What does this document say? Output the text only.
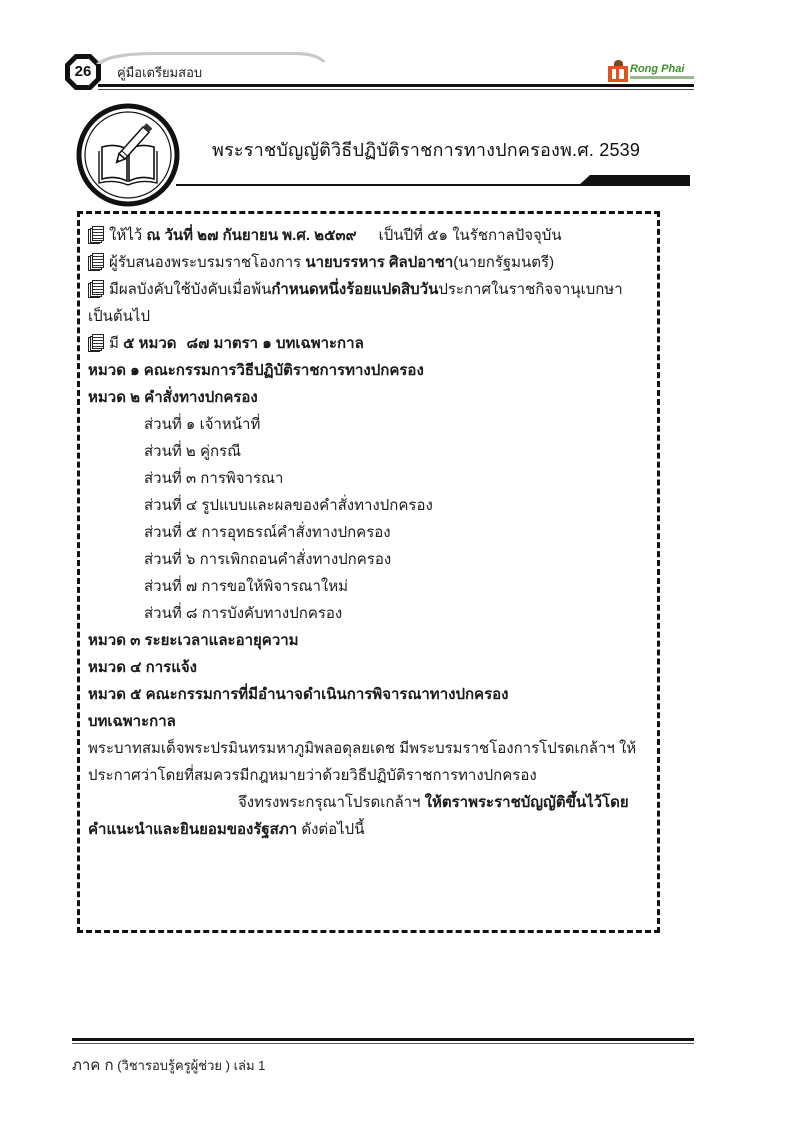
26	คู่มือเตรียมสอบ	Rong Phai
พระราชบัญญัติวิธีปฏิบัติราชการทางปกครองพ.ศ. 2539
ให้ไว้ ณ วันที่ ๒๗ กันยายน พ.ศ. ๒๕๓๙ เป็นปีที่ ๕๑ ในรัชกาลปัจจุบัน
ผู้รับสนองพระบรมราชโองการ นายบรรหาร ศิลปอาชา(นายกรัฐมนตรี)
มีผลบังคับใช้บังคับเมื่อพ้นกำหนดหนึ่งร้อยแปดสิบวันประกาศในราชกิจจานุเบกษา
เป็นต้นไป
มี ๕ หมวด ๘๗ มาตรา ๑ บทเฉพาะกาล
หมวด ๑ คณะกรรมการวิธีปฏิบัติราชการทางปกครอง
หมวด ๒ คำสั่งทางปกครอง
ส่วนที่ ๑ เจ้าหน้าที่
ส่วนที่ ๒ คู่กรณี
ส่วนที่ ๓ การพิจารณา
ส่วนที่ ๔ รูปแบบและผลของคำสั่งทางปกครอง
ส่วนที่ ๕ การอุทธรณ์คำสั่งทางปกครอง
ส่วนที่ ๖ การเพิกถอนคำสั่งทางปกครอง
ส่วนที่ ๗ การขอให้พิจารณาใหม่
ส่วนที่ ๘ การบังคับทางปกครอง
หมวด ๓ ระยะเวลาและอายุความ
หมวด ๔ การแจ้ง
หมวด ๕ คณะกรรมการที่มีอำนาจดำเนินการพิจารณาทางปกครอง
บทเฉพาะกาล
พระบาทสมเด็จพระปรมินทรมหาภูมิพลอดุลยเดช มีพระบรมราชโองการโปรดเกล้าฯ ให้
ประกาศว่าโดยที่สมควรมีกฎหมายว่าด้วยวิธีปฏิบัติราชการทางปกครอง
จึงทรงพระกรุณาโปรดเกล้าฯ ให้ตราพระราชบัญญัติขึ้นไว้โดย
คำแนะนำและยินยอมของรัฐสภา ดังต่อไปนี้
ภาค ก (วิชารอบรู้ครูผู้ช่วย ) เล่ม 1
